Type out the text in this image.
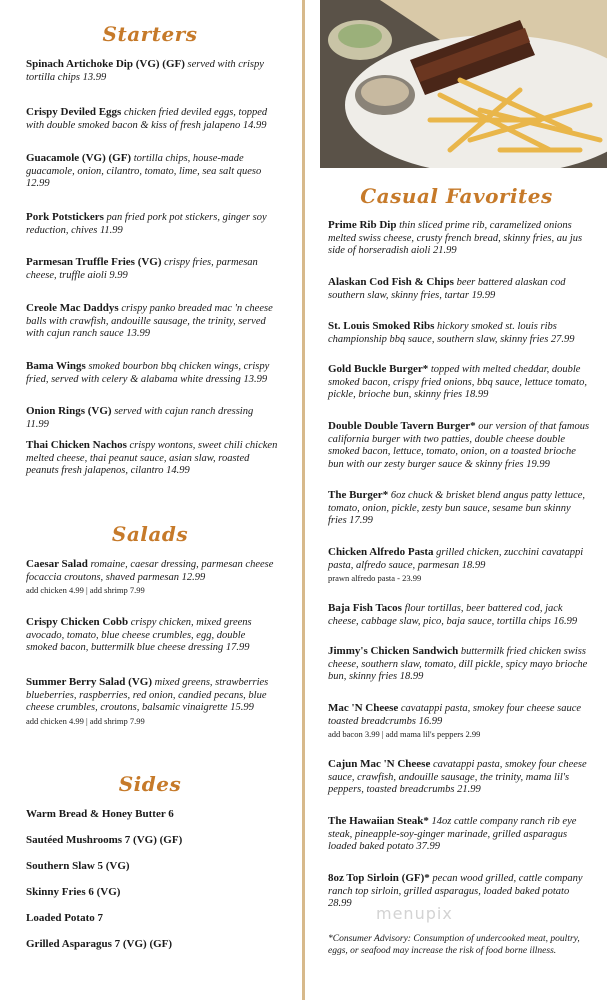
Starters
Spinach Artichoke Dip (VG) (GF) served with crispy tortilla chips 13.99
Crispy Deviled Eggs chicken fried deviled eggs, topped with double smoked bacon & kiss of fresh jalapeno 14.99
Guacamole (VG) (GF) tortilla chips, house-made guacamole, onion, cilantro, tomato, lime, sea salt queso 12.99
Pork Potstickers pan fried pork pot stickers, ginger soy reduction, chives 11.99
Parmesan Truffle Fries (VG) crispy fries, parmesan cheese, truffle aioli 9.99
Creole Mac Daddys crispy panko breaded mac 'n cheese balls with crawfish, andouille sausage, the trinity, served with cajun ranch sauce 13.99
Bama Wings smoked bourbon bbq chicken wings, crispy fried, served with celery & alabama white dressing 13.99
Onion Rings (VG) served with cajun ranch dressing 11.99
Thai Chicken Nachos crispy wontons, sweet chili chicken melted cheese, thai peanut sauce, asian slaw, roasted peanuts fresh jalapenos, cilantro 14.99
Salads
Caesar Salad romaine, caesar dressing, parmesan cheese focaccia croutons, shaved parmesan 12.99
add chicken 4.99 | add shrimp 7.99
Crispy Chicken Cobb crispy chicken, mixed greens avocado, tomato, blue cheese crumbles, egg, double smoked bacon, buttermilk blue cheese dressing 17.99
Summer Berry Salad (VG) mixed greens, strawberries blueberries, raspberries, red onion, candied pecans, blue cheese crumbles, croutons, balsamic vinaigrette 15.99
add chicken 4.99 | add shrimp 7.99
Sides
Warm Bread & Honey Butter 6
Sautéed Mushrooms 7 (VG) (GF)
Southern Slaw 5 (VG)
Skinny Fries 6 (VG)
Loaded Potato 7
Grilled Asparagus 7 (VG) (GF)
Casual Favorites
Prime Rib Dip thin sliced prime rib, caramelized onions melted swiss cheese, crusty french bread, skinny fries, au jus side of horseradish aioli 21.99
Alaskan Cod Fish & Chips beer battered alaskan cod southern slaw, skinny fries, tartar 19.99
St. Louis Smoked Ribs hickory smoked st. louis ribs championship bbq sauce, southern slaw, skinny fries 27.99
Gold Buckle Burger* topped with melted cheddar, double smoked bacon, crispy fried onions, bbq sauce, lettuce tomato, pickle, brioche bun, skinny fries 18.99
Double Double Tavern Burger* our version of that famous california burger with two patties, double cheese double smoked bacon, lettuce, tomato, onion, on a toasted brioche bun with our zesty burger sauce & skinny fries 19.99
The Burger* 6oz chuck & brisket blend angus patty lettuce, tomato, onion, pickle, zesty bun sauce, sesame bun skinny fries 17.99
Chicken Alfredo Pasta grilled chicken, zucchini cavatappi pasta, alfredo sauce, parmesan 18.99
prawn alfredo pasta - 23.99
Baja Fish Tacos flour tortillas, beer battered cod, jack cheese, cabbage slaw, pico, baja sauce, tortilla chips 16.99
Jimmy's Chicken Sandwich buttermilk fried chicken swiss cheese, southern slaw, tomato, dill pickle, spicy mayo brioche bun, skinny fries 18.99
Mac 'N Cheese cavatappi pasta, smokey four cheese sauce toasted breadcrumbs 16.99
add bacon 3.99 | add mama lil's peppers 2.99
Cajun Mac 'N Cheese cavatappi pasta, smokey four cheese sauce, crawfish, andouille sausage, the trinity, mama lil's peppers, toasted breadcrumbs 21.99
The Hawaiian Steak* 14oz cattle company ranch rib eye steak, pineapple-soy-ginger marinade, grilled asparagus loaded baked potato 37.99
8oz Top Sirloin (GF)* pecan wood grilled, cattle company ranch top sirloin, grilled asparagus, loaded baked potato 28.99
menupix
*Consumer Advisory: Consumption of undercooked meat, poultry, eggs, or seafood may increase the risk of food borne illness.
